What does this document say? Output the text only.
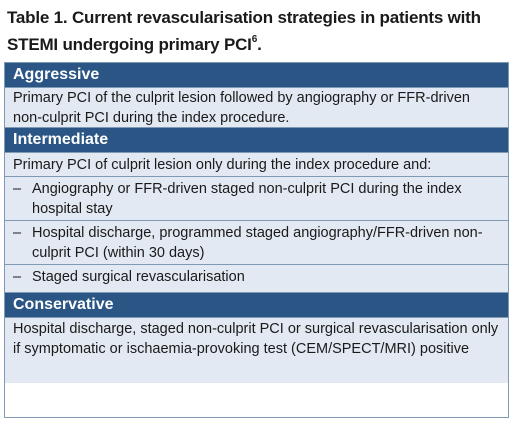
Table 1. Current revascularisation strategies in patients with STEMI undergoing primary PCI$^6$.
Aggressive
Primary PCI of the culprit lesion followed by angiography or FFR-driven non-culprit PCI during the index procedure.
Intermediate
Primary PCI of culprit lesion only during the index procedure and:
– Angiography or FFR-driven staged non-culprit PCI during the index hospital stay
– Hospital discharge, programmed staged angiography/FFR-driven non-culprit PCI (within 30 days)
– Staged surgical revascularisation
Conservative
Hospital discharge, staged non-culprit PCI or surgical revascularisation only if symptomatic or ischaemia-provoking test (CEM/SPECT/MRI) positive
